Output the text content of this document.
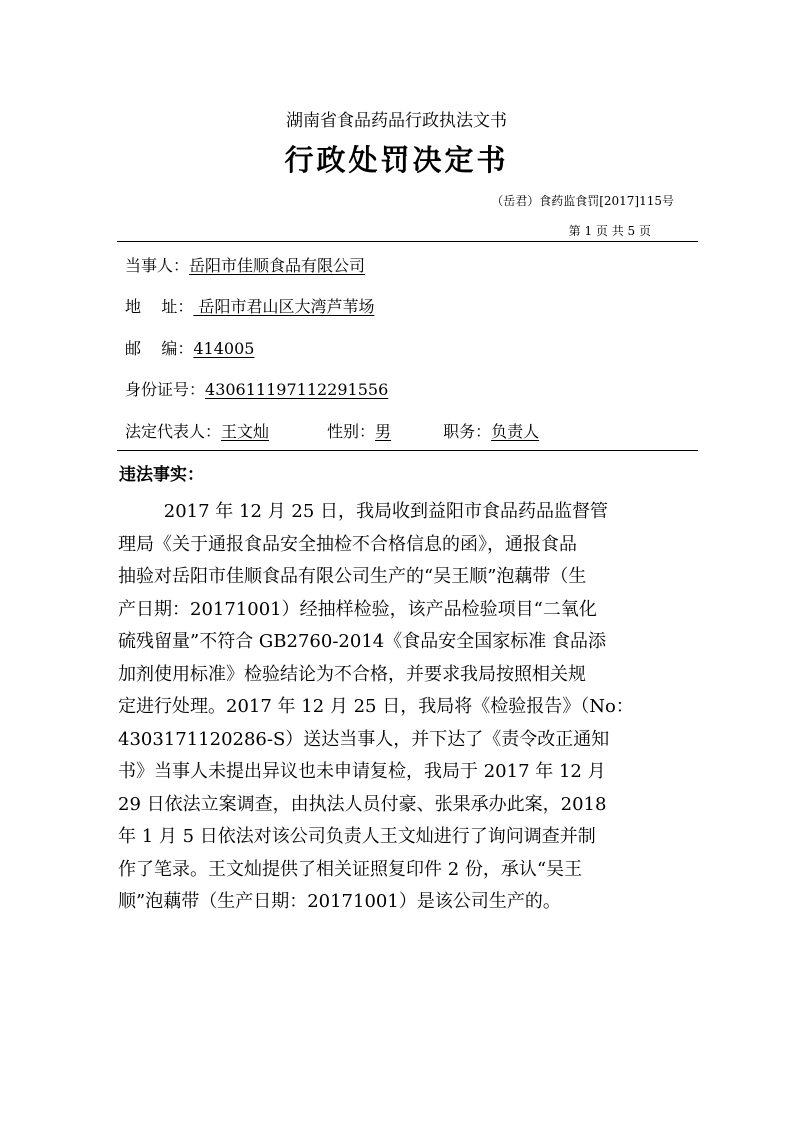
湖南省食品药品行政执法文书
行政处罚决定书
（岳君）食药监食罚[2017]115号
第 1 页 共 5 页
当事人：岳阳市佳顺食品有限公司
地    址： 岳阳市君山区大湾芦苇场
邮    编：414005
身份证号：430611197112291556
法定代表人：王文灿	性别：男	职务：负责人
违法事实：
2017 年 12 月 25 日，我局收到益阳市食品药品监督管
理局《关于通报食品安全抽检不合格信息的函》，通报食品
抽验对岳阳市佳顺食品有限公司生产的“吴王顺”泡藕带（生
产日期：20171001）经抽样检验，该产品检验项目“二氧化
硫残留量”不符合 GB2760-2014《食品安全国家标准 食品添
加剂使用标准》检验结论为不合格，并要求我局按照相关规
定进行处理。2017 年 12 月 25 日，我局将《检验报告》（No：
4303171120286-S）送达当事人，并下达了《责令改正通知
书》当事人未提出异议也未申请复检，我局于 2017 年 12 月
29 日依法立案调查，由执法人员付豪、张果承办此案，2018
年 1 月 5 日依法对该公司负责人王文灿进行了询问调查并制
作了笔录。王文灿提供了相关证照复印件 2 份，承认“吴王
顺”泡藕带（生产日期：20171001）是该公司生产的。
